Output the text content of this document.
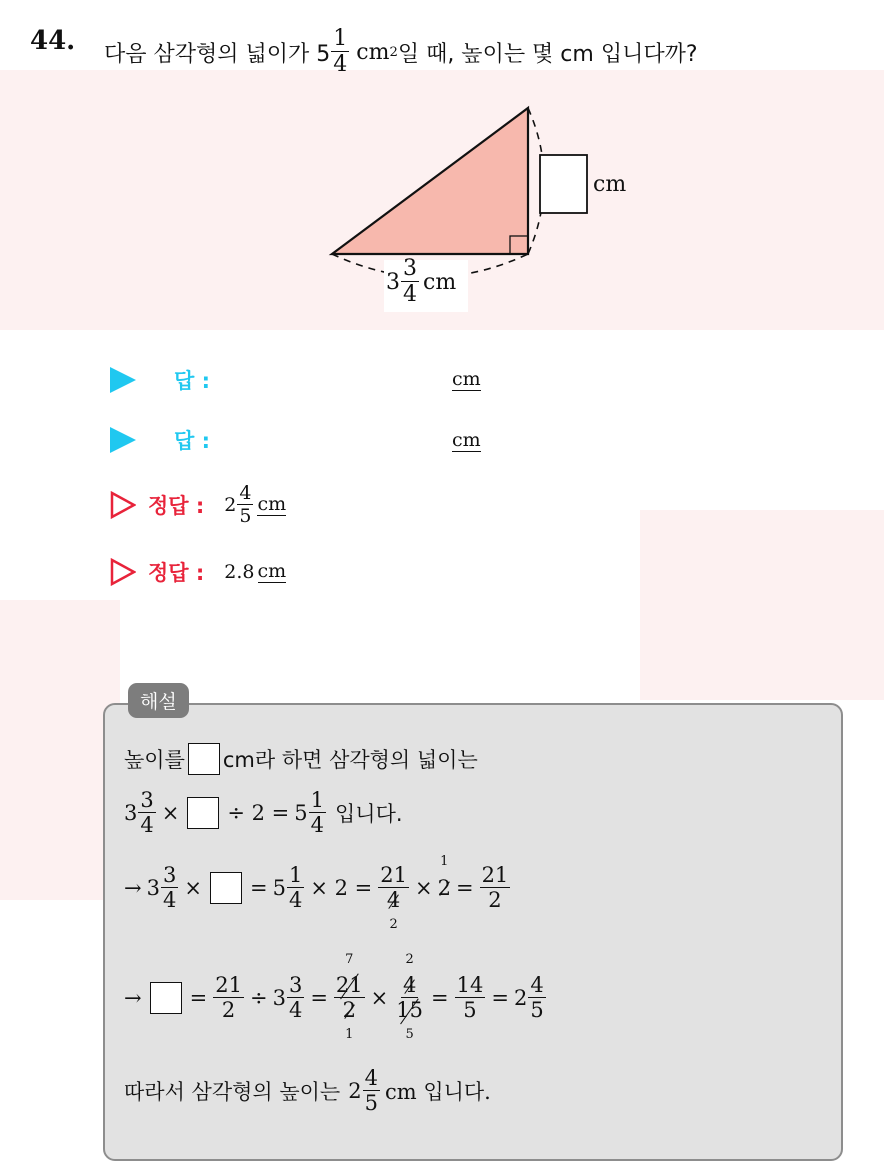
44. 다음 삼각형의 넓이가 $5 \frac{1}{4}$ cm 2 일 때, 높이는 몇 cm 입니다까?
cm
$3 \frac{3}{4}$ cm
답 :	cm
답 :	cm
정답 : $2 \frac{4}{5}$ cm
정답 : 2.8 cm
해설
높이를 cm라 하면 삼각형의 넓이는
$3 \frac{3}{4}$ × ÷ $2 = 5 \frac{1}{4}$ 입니다.
→ $3 \frac{3}{4}$ × = $5 \frac{1}{4} \times 2 = 21$
4
2 × 2
1
= $\frac{21}{2}$
→ = $\frac{21}{2} \div 3 \frac{3}{4} = 21$
7
2
1 × 4
2
15
$5 = \frac{14}{5} = 2 \frac{4}{5}$
따라서 삼각형의 높이는 $2 \frac{4}{5}$ cm 입니다.
